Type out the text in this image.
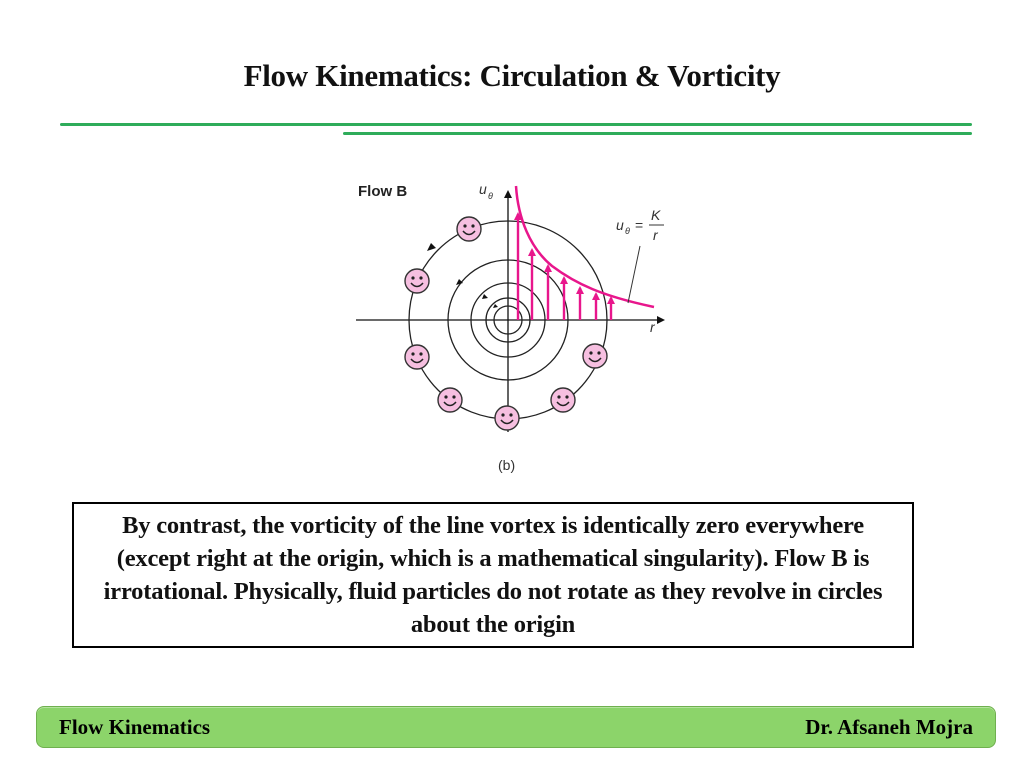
Flow Kinematics: Circulation & Vorticity
Flow B	u θ
r
u θ =
K
r
(b)

By contrast, the vorticity of the line vortex is identically zero everywhere (except right at the origin, which is a mathematical singularity). Flow B is irrotational. Physically, fluid particles do not rotate as they revolve in circles about the origin

Flow Kinematics	Dr. Afsaneh Mojra
